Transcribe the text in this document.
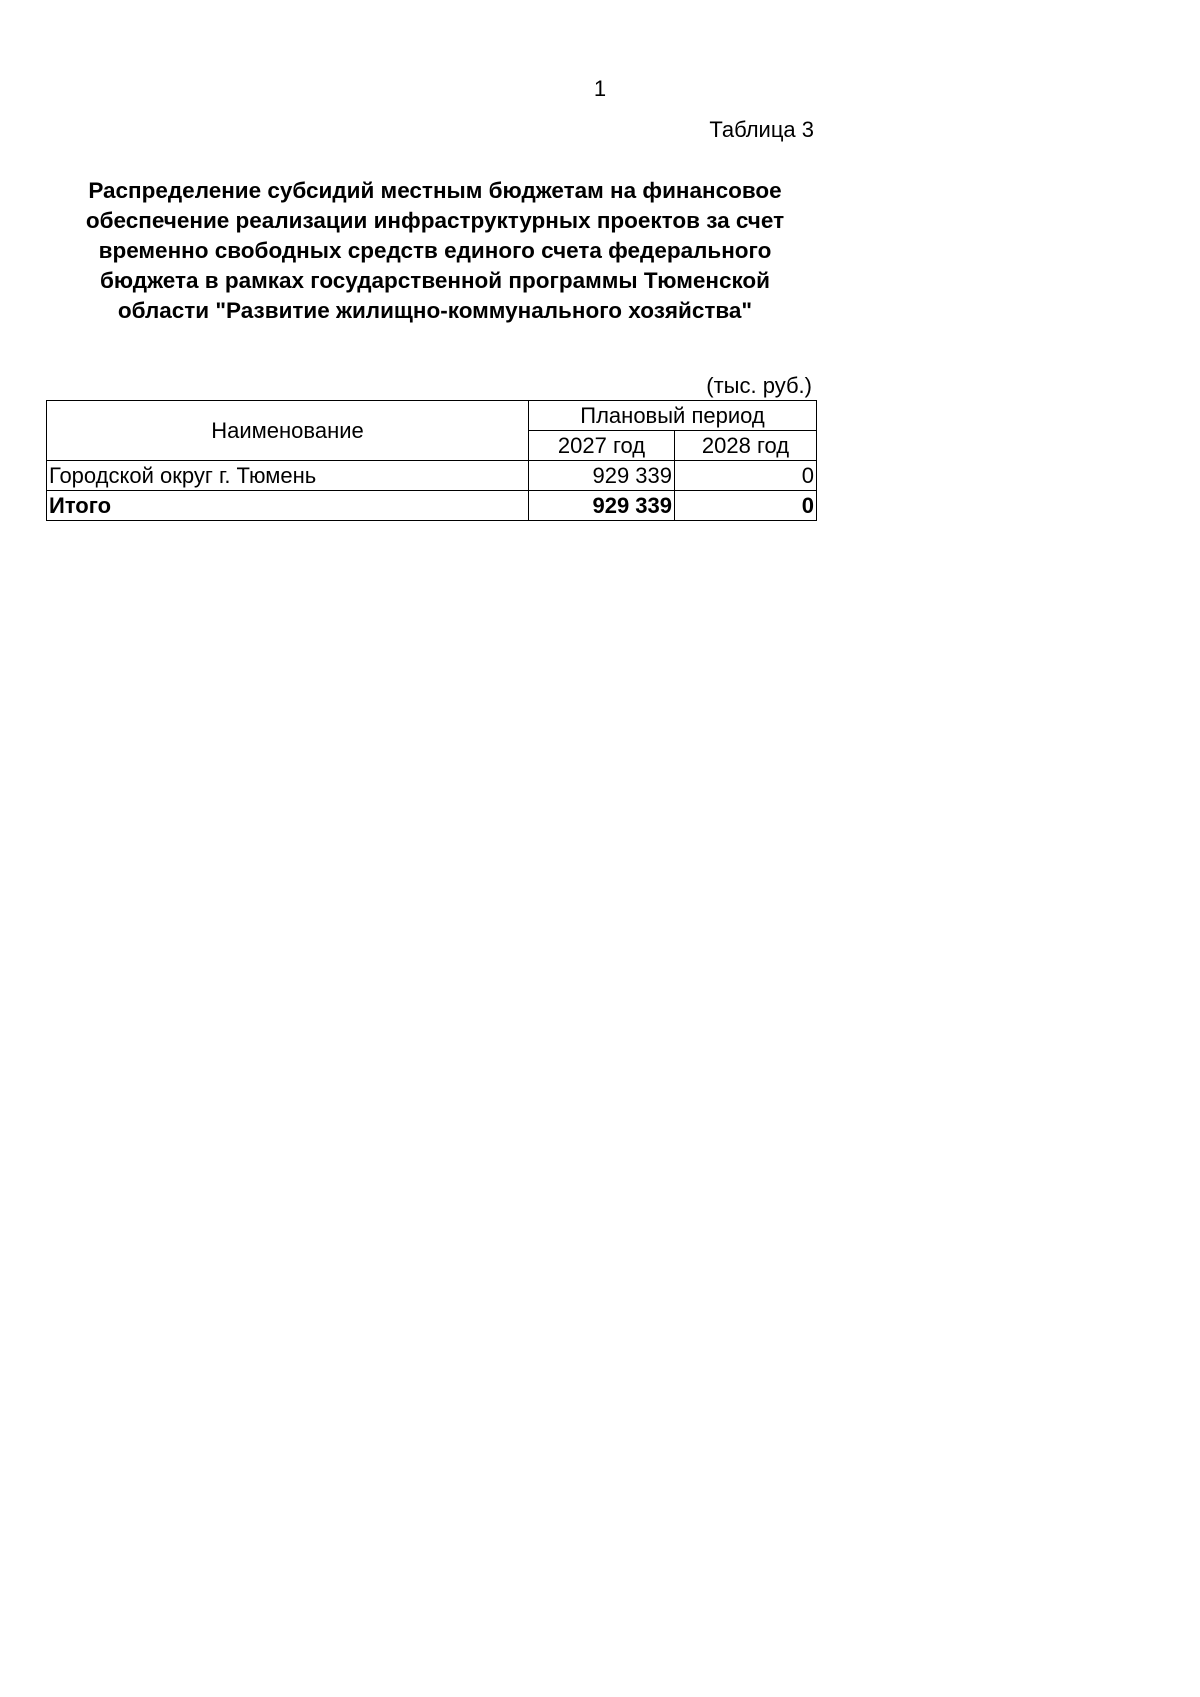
1
Таблица 3
Распределение субсидий местным бюджетам на финансовое
обеспечение реализации инфраструктурных проектов за счет
временно свободных средств единого счета федерального
бюджета в рамках государственной программы Тюменской
области "Развитие жилищно-коммунального хозяйства"
(тыс. руб.)
Наименование	Плановый период	
	2027 год	2028 год
Городской округ г. Тюмень	929 339	0
Итого	929 339	0
